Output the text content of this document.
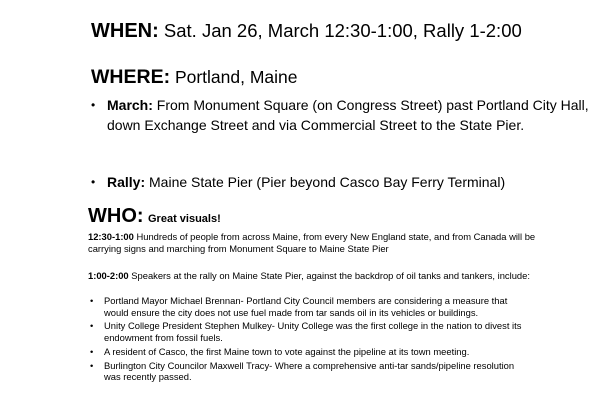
WHEN: Sat. Jan 26, March 12:30-1:00, Rally 1-2:00
WHERE: Portland, Maine
• March: From Monument Square (on Congress Street) past Portland City Hall, down Exchange Street and via Commercial Street to the State Pier.
• Rally: Maine State Pier (Pier beyond Casco Bay Ferry Terminal)
WHO: Great visuals!
12:30-1:00 Hundreds of people from across Maine, from every New England state, and from Canada will be carrying signs and marching from Monument Square to Maine State Pier
1:00-2:00 Speakers at the rally on Maine State Pier, against the backdrop of oil tanks and tankers, include:
• Portland Mayor Michael Brennan- Portland City Council members are considering a measure that would ensure the city does not use fuel made from tar sands oil in its vehicles or buildings.
• Unity College President Stephen Mulkey- Unity College was the first college in the nation to divest its endowment from fossil fuels.
• A resident of Casco, the first Maine town to vote against the pipeline at its town meeting.
• Burlington City Councilor Maxwell Tracy- Where a comprehensive anti-tar sands/pipeline resolution was recently passed.
